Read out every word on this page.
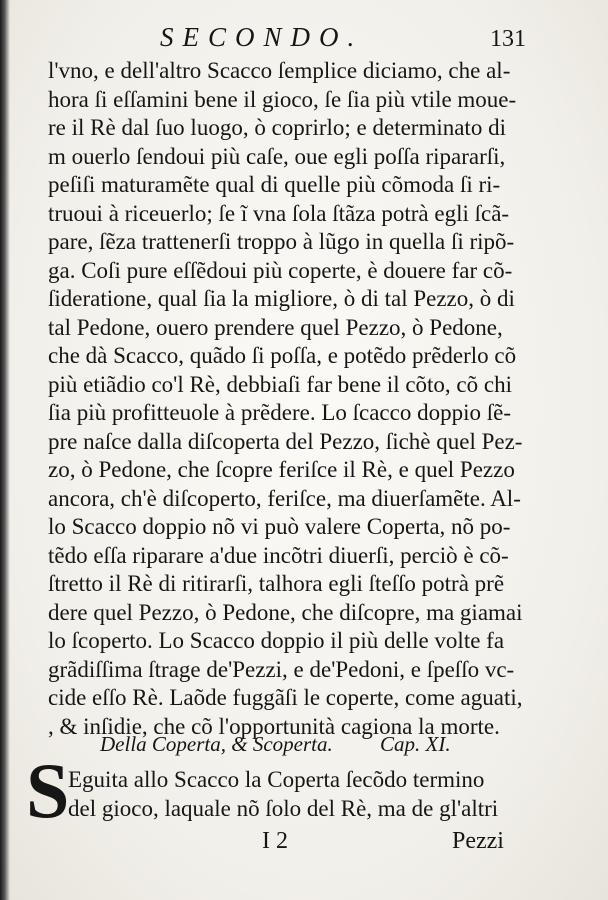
SECONDO.	131
l'vno, e dell'altro Scacco ſemplice diciamo, che al-
hora ſi eſſamini bene il gioco, ſe ſia più vtile moue-
re il Rè dal ſuo luogo, ò coprirlo; e determinato di
m ouerlo ſendoui più caſe, oue egli poſſa ripararſi,
peſiſi maturamẽte qual di quelle più cõmoda ſi ri-
truoui à riceuerlo; ſe ĩ vna ſola ſtãza potrà egli ſcã-
pare, ſẽza trattenerſi troppo à lũgo in quella ſi ripõ-
ga. Coſi pure eſſẽdoui più coperte, è douere far cõ-
ſideratione, qual ſia la migliore, ò di tal Pezzo, ò di
tal Pedone, ouero prendere quel Pezzo, ò Pedone,
che dà Scacco, quãdo ſi poſſa, e potẽdo prẽderlo cõ
più etiãdio co'l Rè, debbiaſi far bene il cõto, cõ chi
ſia più profitteuole à prẽdere. Lo ſcacco doppio ſẽ-
pre naſce dalla diſcoperta del Pezzo, ſichè quel Pez-
zo, ò Pedone, che ſcopre feriſce il Rè, e quel Pezzo
ancora, ch'è diſcoperto, feriſce, ma diuerſamẽte. Al-
lo Scacco doppio nõ vi può valere Coperta, nõ po-
tẽdo eſſa riparare a'due incõtri diuerſi, perciò è cõ-
ſtretto il Rè di ritirarſi, talhora egli ſteſſo potrà prẽ
dere quel Pezzo, ò Pedone, che diſcopre, ma giamai
lo ſcoperto. Lo Scacco doppio il più delle volte fa
grãdiſſima ſtrage de'Pezzi, e de'Pedoni, e ſpeſſo vc-
cide eſſo Rè. Laõde fuggãſi le coperte, come aguati,
, & inſidie, che cõ l'opportunità cagiona la morte.
Della Coperta, & Scoperta. Cap. XI.
S
Eguita allo Scacco la Coperta ſecõdo termino
del gioco, laquale nõ ſolo del Rè, ma de gl'altri
I 2	Pezzi
